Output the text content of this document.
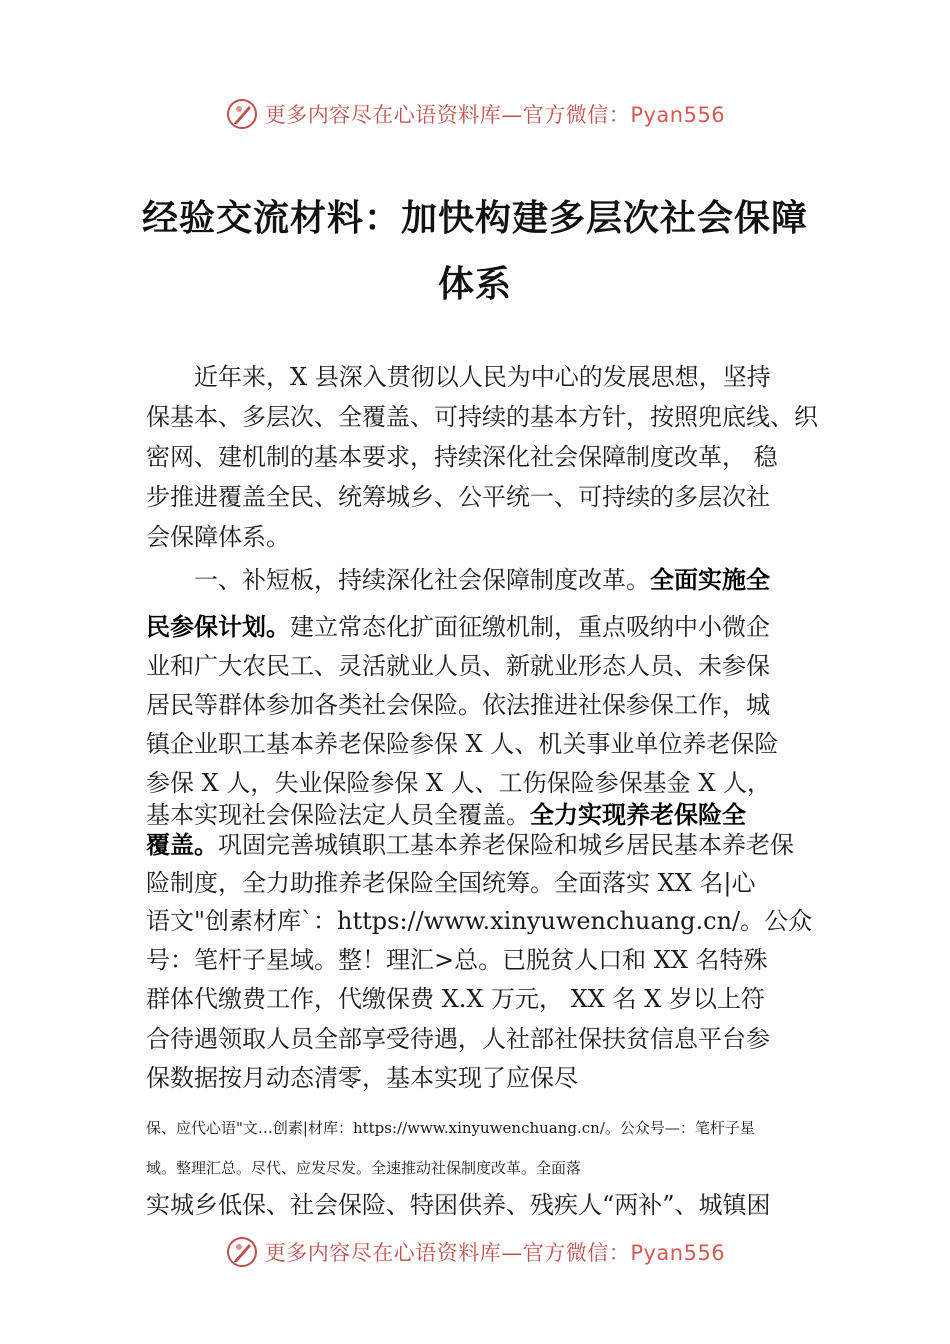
更多内容尽在心语资料库—官方微信：Pyan556
经验交流材料：加快构建多层次社会保障
体系
近年来，X 县深入贯彻以人民为中心的发展思想，坚持
保基本、多层次、全覆盖、可持续的基本方针，按照兜底线、织
密网、建机制的基本要求，持续深化社会保障制度改革， 稳
步推进覆盖全民、统筹城乡、公平统一、可持续的多层次社
会保障体系。
一、补短板，持续深化社会保障制度改革。全面实施全
民参保计划。建立常态化扩面征缴机制，重点吸纳中小微企
业和广大农民工、灵活就业人员、新就业形态人员、未参保
居民等群体参加各类社会保险。依法推进社保参保工作，城
镇企业职工基本养老保险参保 X 人、机关事业单位养老保险
参保 X 人，失业保险参保 X 人、工伤保险参保基金 X 人，
基本实现社会保险法定人员全覆盖。全力实现养老保险全
覆盖。巩固完善城镇职工基本养老保险和城乡居民基本养老保
险制度，全力助推养老保险全国统筹。全面落实 XX 名|心
语文"创素材库`：https://www.xinyuwenchuang.cn/。公众
号：笔杆子星域。整！理汇>总。已脱贫人口和 XX 名特殊
群体代缴费工作，代缴保费 X.X 万元， XX 名 X 岁以上符
合待遇领取人员全部享受待遇，人社部社保扶贫信息平台参
保数据按月动态清零，基本实现了应保尽
保、应代心语"文…创素|材库：https://www.xinyuwenchuang.cn/。公众号—：笔杆子星
域。整理汇总。尽代、应发尽发。全速推动社保制度改革。全面落
实城乡低保、社会保险、特困供养、残疾人“两补”、城镇困
更多内容尽在心语资料库—官方微信：Pyan556
